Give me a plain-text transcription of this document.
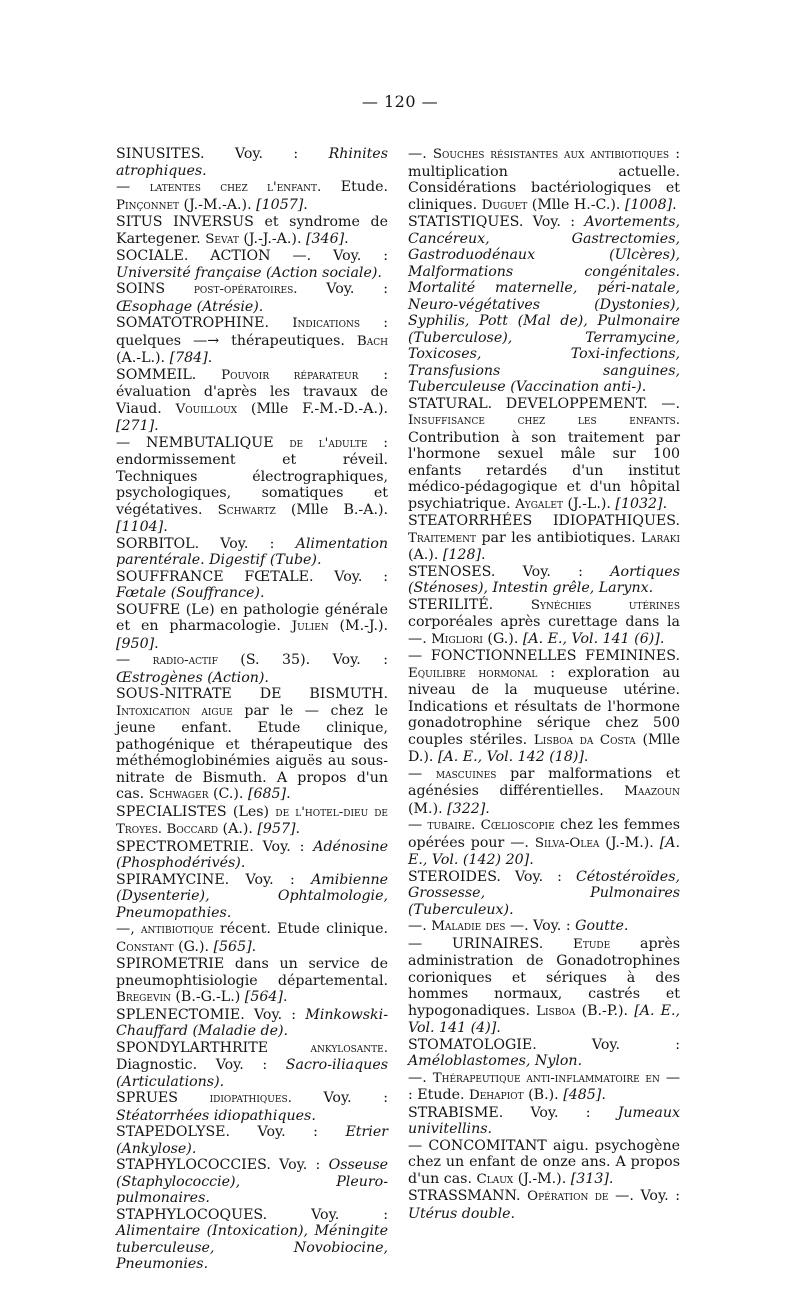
— 120 —

SINUSITES. Voy. : Rhinites atrophiques.

— latentes chez l'enfant. Etude. Pinçonnet (J.-M.-A.). [1057].

SITUS INVERSUS et syndrome de Kartegener. Sevat (J.-J.-A.). [346].

SOCIALE. ACTION —. Voy. : Université française (Action sociale).

SOINS post-opératoires. Voy. : Œsophage (Atrésie).

SOMATOTROPHINE. Indications : quelques —→ thérapeutiques. Bach (A.-L.). [784].

SOMMEIL. Pouvoir réparateur : évaluation d'après les travaux de Viaud. Vouilloux (Mlle F.-M.-D.-A.). [271].

— NEMBUTALIQUE de l'adulte : endormissement et réveil. Techniques électrographiques, psychologiques, somatiques et végétatives. Schwartz (Mlle B.-A.). [1104].

SORBITOL. Voy. : Alimentation parentérale. Digestif (Tube).

SOUFFRANCE FŒTALE. Voy. : Fœtale (Souffrance).

SOUFRE (Le) en pathologie générale et en pharmacologie. Julien (M.-J.). [950].

— radio-actif (S. 35). Voy. : Œstrogènes (Action).

SOUS-NITRATE DE BISMUTH. Intoxication aigue par le — chez le jeune enfant. Etude clinique, pathogénique et thérapeutique des méthémoglobinémies aiguës au sous-nitrate de Bismuth. A propos d'un cas. Schwager (C.). [685].

SPECIALISTES (Les) de l'hotel-dieu de Troyes. Boccard (A.). [957].

SPECTROMETRIE. Voy. : Adénosine (Phosphodérivés).

SPIRAMYCINE. Voy. : Amibienne (Dysenterie), Ophtalmologie, Pneumopathies.

—, antibiotique récent. Etude clinique. Constant (G.). [565].

SPIROMETRIE dans un service de pneumophtisiologie départemental. Bregevin (B.-G.-L.) [564].

SPLENECTOMIE. Voy. : Minkowski-Chauffard (Maladie de).

SPONDYLARTHRITE ankylosante. Diagnostic. Voy. : Sacro-iliaques (Articulations).

SPRUES idiopathiques. Voy. : Stéatorrhées idiopathiques.

STAPEDOLYSE. Voy. : Etrier (Ankylose).

STAPHYLOCOCCIES. Voy. : Osseuse (Staphylococcie), Pleuro-pulmonaires.

STAPHYLOCOQUES. Voy. : Alimentaire (Intoxication), Méningite tuberculeuse, Novobiocine, Pneumonies.

—. Souches résistantes aux antibiotiques : multiplication actuelle. Considérations bactériologiques et cliniques. Duguet (Mlle H.-C.). [1008].

STATISTIQUES. Voy. : Avortements, Cancéreux, Gastrectomies, Gastroduodénaux (Ulcères), Malformations congénitales. Mortalité maternelle, péri-natale, Neuro-végétatives (Dystonies), Syphilis, Pott (Mal de), Pulmonaire (Tuberculose), Terramycine, Toxicoses, Toxi-infections, Transfusions sanguines, Tuberculeuse (Vaccination anti-).

STATURAL. DEVELOPPEMENT. —. Insuffisance chez les enfants. Contribution à son traitement par l'hormone sexuel mâle sur 100 enfants retardés d'un institut médico-pédagogique et d'un hôpital psychiatrique. Aygalet (J.-L.). [1032].

STEATORRHÉES IDIOPATHIQUES. Traitement par les antibiotiques. Laraki (A.). [128].

STENOSES. Voy. : Aortiques (Sténoses), Intestin grêle, Larynx.

STERILITÉ. Synéchies utérines corporéales après curettage dans la —. Migliori (G.). [A. E., Vol. 141 (6)].

— FONCTIONNELLES FEMININES. Equilibre hormonal : exploration au niveau de la muqueuse utérine. Indications et résultats de l'hormone gonadotrophine sérique chez 500 couples stériles. Lisboa da Costa (Mlle D.). [A. E., Vol. 142 (18)].

— mascuines par malformations et agénésies différentielles. Maazoun (M.). [322].

— tubaire. Cœlioscopie chez les femmes opérées pour —. Silva-Olea (J.-M.). [A. E., Vol. (142) 20].

STEROIDES. Voy. : Cétostéroïdes, Grossesse, Pulmonaires (Tuberculeux).

—. Maladie des —. Voy. : Goutte.

— URINAIRES. Etude après administration de Gonadotrophines corioniques et sériques à des hommes normaux, castrés et hypogonadiques. Lisboa (B.-P.). [A. E., Vol. 141 (4)].

STOMATOLOGIE. Voy. : Améloblastomes, Nylon.

—. Thérapeutique anti-inflammatoire en — : Etude. Dehapiot (B.). [485].

STRABISME. Voy. : Jumeaux univitellins.

— CONCOMITANT aigu. psychogène chez un enfant de onze ans. A propos d'un cas. Claux (J.-M.). [313].

STRASSMANN. Opération de —. Voy. : Utérus double.
